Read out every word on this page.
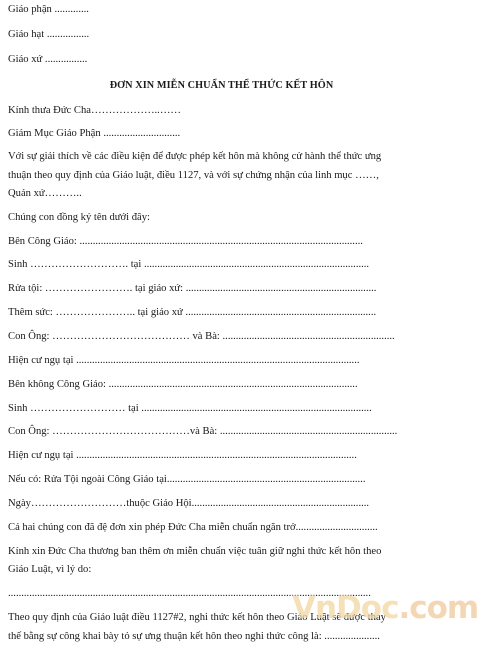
Giáo phận .............
Giáo hạt ................
Giáo xứ ................
ĐƠN XIN MIỄN CHUẨN THỂ THỨC KẾT HÔN
Kính thưa Đức Cha………………..……
Giám Mục Giáo Phận .............................
Với sự giải thích về các điều kiện để được phép kết hôn mà không cử hành thể thức ưng
thuận theo quy định của Giáo luật, điều 1127, và với sự chứng nhận của linh mục ……,
Quản xứ………..
Chúng con đồng ký tên dưới đây:
Bên Công Giáo: ...........................................................................................................
Sinh ………………………. tại .....................................................................................
Rửa tội: ……………………. tại giáo xứ: ........................................................................
Thêm sức: ………………….. tại giáo xứ ........................................................................
Con Ông: ………………………………… và Bà: .................................................................
Hiện cư ngụ tại ...........................................................................................................
Bên không Công Giáo: ..............................................................................................
Sinh ……………………… tại .......................................................................................
Con Ông: …………………………………và Bà: ...................................................................
Hiện cư ngụ tại ..........................................................................................................
Nếu có: Rửa Tội ngoài Công Giáo tại...........................................................................
Ngày………………………thuộc Giáo Hội...................................................................
Cả hai chúng con đã đệ đơn xin phép Đức Cha miễn chuẩn ngăn trở...............................
Kính xin Đức Cha thương ban thêm ơn miễn chuẩn việc tuân giữ nghi thức kết hôn theo
Giáo Luật, vì lý do:
.........................................................................................................................................
Theo quy định của Giáo luật điều 1127#2, nghi thức kết hôn theo Giáo Luật sẽ được thay
thế bằng sự công khai bày tỏ sự ưng thuận kết hôn theo nghi thức công là: .....................
VnDoc.com
